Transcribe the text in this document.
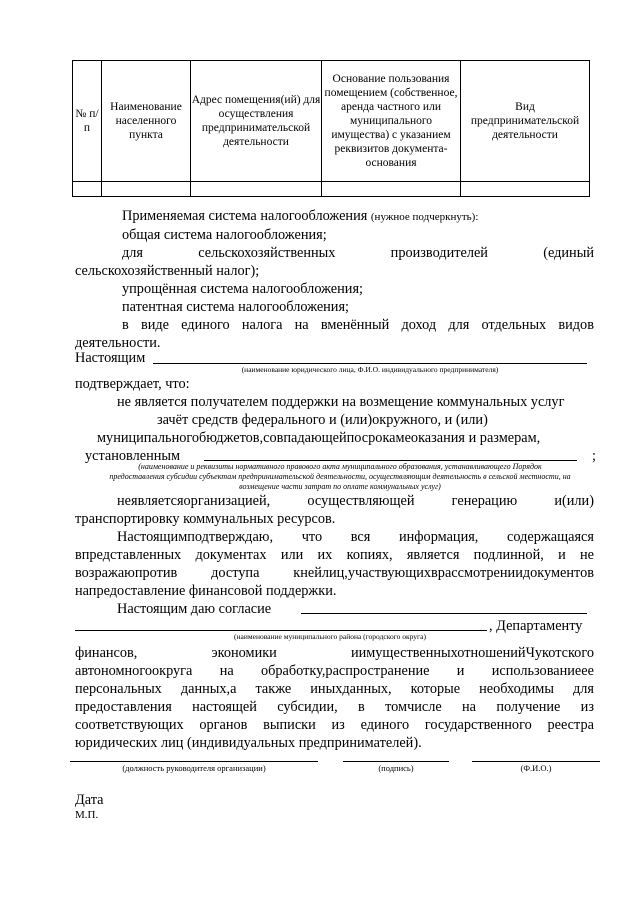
№ п/п	Наименование населенного пункта	Адрес помещения(ий) для осуществления предпринимательской деятельности	Основание пользования помещением (собственное, аренда частного или муниципального имущества) с указанием реквизитов документа-основания	Вид предпринимательской деятельности

Применяемая система налогообложения (нужное подчеркнуть):
общая система налогообложения;
для	сельскохозяйственных	производителей	(единый
сельскохозяйственный налог);
упрощённая система налогообложения;
патентная система налогообложения;
в виде единого налога на вменённый доход для отдельных видов
деятельности.
Настоящим
(наименование юридического лица, Ф.И.О. индивидуального предпринимателя)
подтверждает, что:
не является получателем поддержки на возмещение коммунальных услуг
зачёт средств федерального и (или)окружного, и (или)
муниципальногобюджетов,совпадающейпосрокамеоказания и размерам,
установленным	;
(наименование и реквизиты нормативного правового акта муниципального образования, устанавливающего Порядок
предоставления субсидии субъектам предпринимательской деятельности, осуществляющим деятельность в сельской местности, на
возмещение части затрат по оплате коммунальных услуг)
неявляетсяорганизацией,	осуществляющей	генерацию	и(или)
транспортировку коммунальных ресурсов.
Настоящимподтверждаю, что вся информация, содержащаяся
впредставленных документах или их копиях, является подлинной, и не
возражаюпротив доступа кнейлиц,участвующихврассмотрениидокументов
напредоставление финансовой поддержки.
Настоящим дaю согласие
, Департаменту
(наименование муниципального района (городского округа)
финансов,	экономики	иимущественныхотношенийЧукотского
автономногоокруга на обработку,распространение и использованиееe
персональных данных,а также иныхданных, которые необходимы для
предоставления настоящей субсидии, в томчисле на получение из
соответствующих органов выписки из единого государственного реестра
юридических лиц (индивидуальных предпринимателей).
(должность руководителя организации)	(подпись)	(Ф.И.О.)
Дата
М.П.
